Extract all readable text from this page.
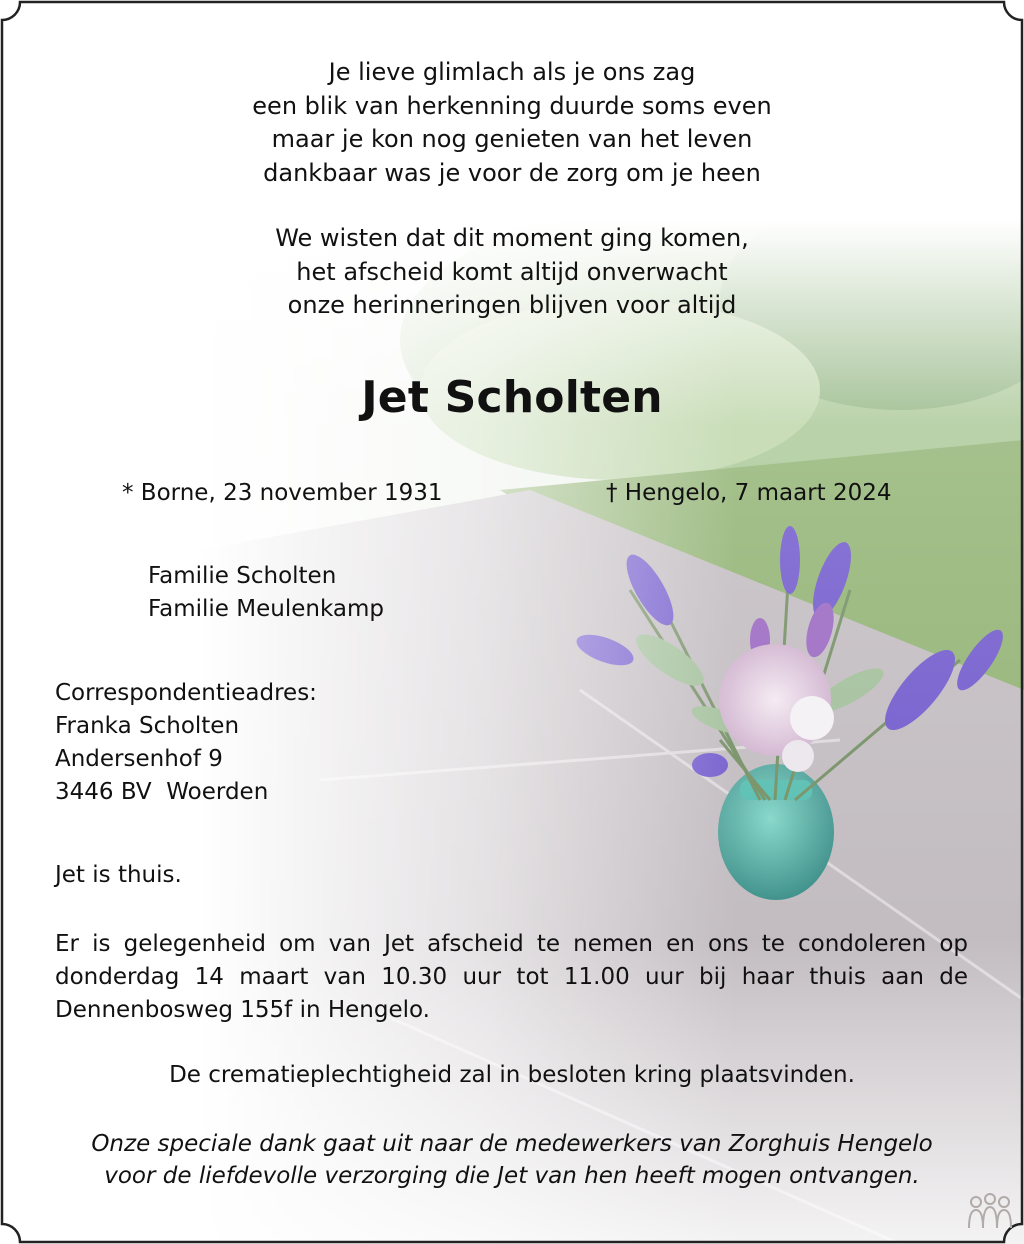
Je lieve glimlach als je ons zag
een blik van herkenning duurde soms even
maar je kon nog genieten van het leven
dankbaar was je voor de zorg om je heen
We wisten dat dit moment ging komen,
het afscheid komt altijd onverwacht
onze herinneringen blijven voor altijd
Jet Scholten
* Borne, 23 november 1931	† Hengelo, 7 maart 2024
Familie Scholten
Familie Meulenkamp
Correspondentieadres:
Franka Scholten
Andersenhof 9
3446 BV  Woerden
Jet is thuis.
Er is gelegenheid om van Jet afscheid te nemen en ons te condoleren op
donderdag 14 maart van 10.30 uur tot 11.00 uur bij haar thuis aan de
Dennenbosweg 155f in Hengelo.
De crematieplechtigheid zal in besloten kring plaatsvinden.
Onze speciale dank gaat uit naar de medewerkers van Zorghuis Hengelo
voor de liefdevolle verzorging die Jet van hen heeft mogen ontvangen.
